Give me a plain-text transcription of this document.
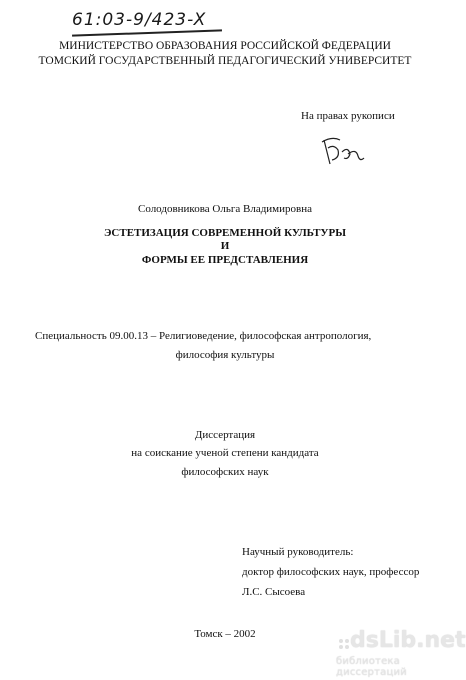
61:03-9/423-X
МИНИСТЕРСТВО ОБРАЗОВАНИЯ РОССИЙСКОЙ ФЕДЕРАЦИИ
ТОМСКИЙ ГОСУДАРСТВЕННЫЙ ПЕДАГОГИЧЕСКИЙ УНИВЕРСИТЕТ
На правах рукописи
Солодовникова Ольга Владимировна
ЭСТЕТИЗАЦИЯ СОВРЕМЕННОЙ КУЛЬТУРЫ
И
ФОРМЫ ЕЕ ПРЕДСТАВЛЕНИЯ
Специальность 09.00.13 – Религиоведение, философская антропология,
философия культуры
Диссертация
на соискание ученой степени кандидата
философских наук
Научный руководитель:
доктор философских наук, профессор
Л.С. Сысоева
Томск – 2002	dsLib.net
библиотека диссертаций
